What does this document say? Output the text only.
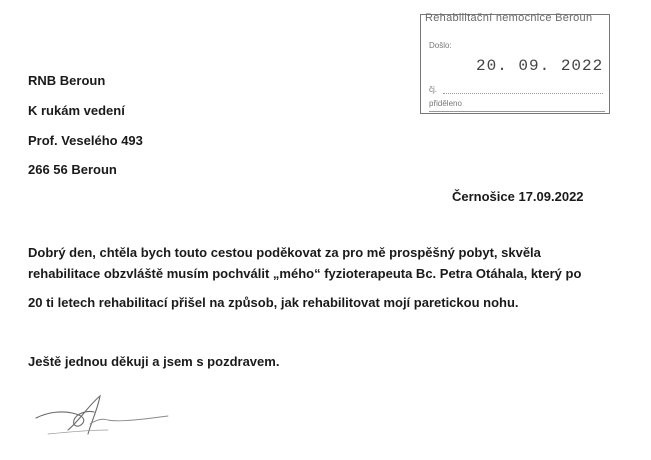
Rehabilitační nemocnice Beroun
Došlo:
20. 09. 2022
čj.
přiděleno
RNB Beroun
K rukám vedení
Prof. Veselého 493
266 56 Beroun
Černošice 17.09.2022
Dobrý den, chtěla bych touto cestou poděkovat za pro mě prospěšný pobyt, skvěla
rehabilitace obzvláště musím pochválit „mého“ fyzioterapeuta Bc. Petra Otáhala, který po
20 ti letech rehabilitací přišel na způsob, jak rehabilitovat mojí paretickou nohu.
Ještě jednou děkuji a jsem s pozdravem.
